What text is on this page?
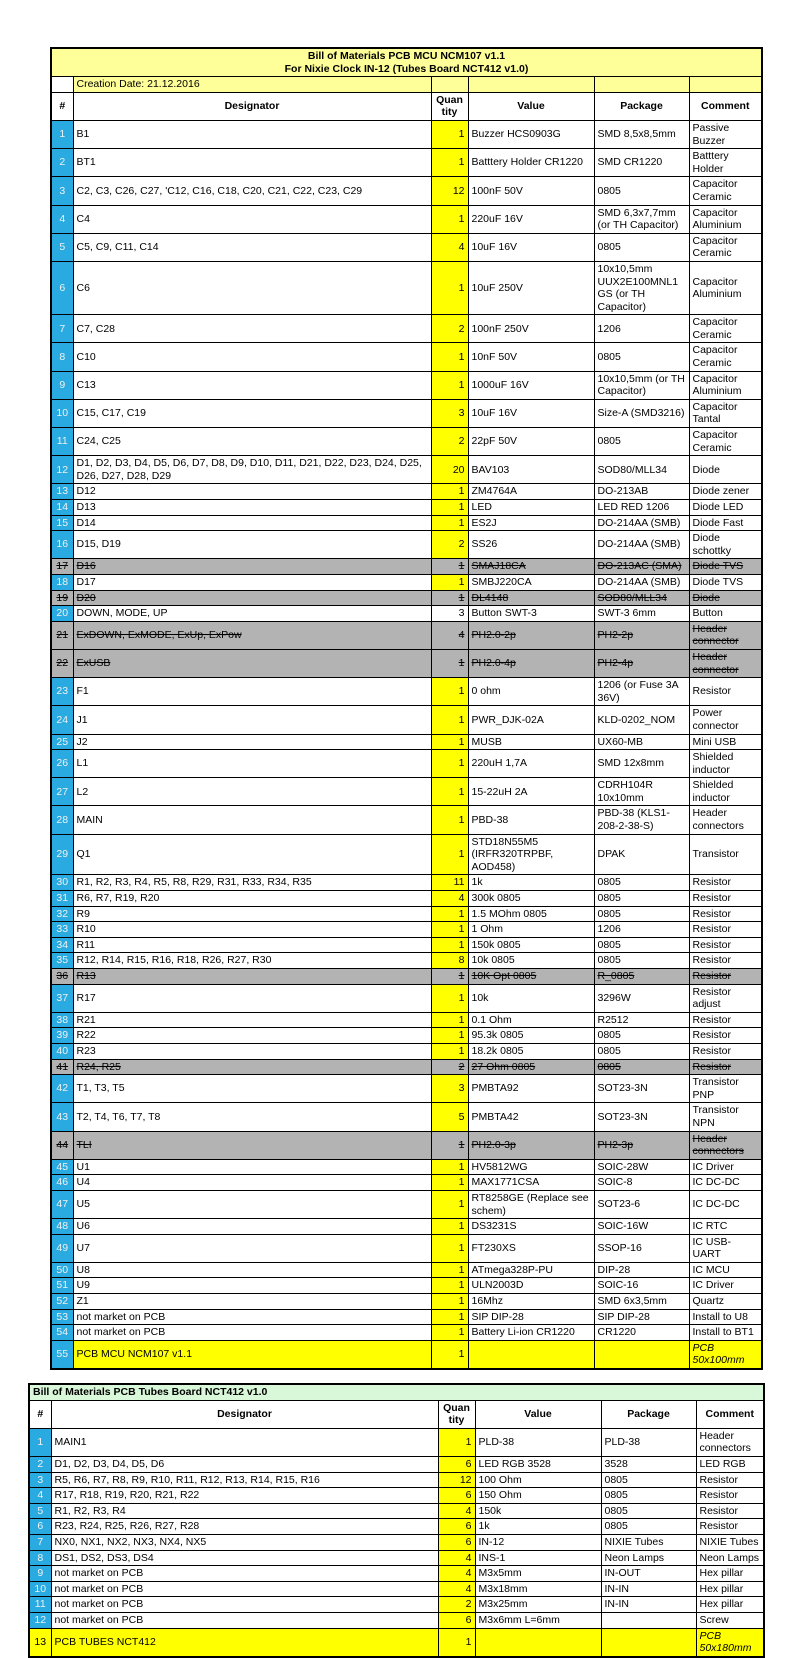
Bill of Materials PCB MCU NCM107 v1.1
For Nixie Clock IN-12 (Tubes Board NCT412 v1.0)					

	Creation Date: 21.12.2016				
#	Designator	Quantity	Value	Package	Comment
1	B1	1	Buzzer HCS0903G	SMD 8,5x8,5mm	Passive Buzzer
2	BT1	1	Batttery Holder CR1220	SMD CR1220	Batttery Holder
3	C2, C3, C26, C27, 'C12, C16, C18, C20, C21, C22, C23, C29	12	100nF 50V	0805	Capacitor Ceramic
4	C4	1	220uF 16V	SMD 6,3x7,7mm (or TH Capacitor)	Capacitor Aluminium
5	C5, C9, C11, C14	4	10uF 16V	0805	Capacitor Ceramic
6	C6	1	10uF 250V	10x10,5mm UUX2E100MNL1GS (or TH Capacitor)	Capacitor Aluminium
7	C7, C28	2	100nF 250V	1206	Capacitor Ceramic
8	C10	1	10nF 50V	0805	Capacitor Ceramic
9	C13	1	1000uF 16V	10x10,5mm (or TH Capacitor)	Capacitor Aluminium
10	C15, C17, C19	3	10uF 16V	Size-A (SMD3216)	Capacitor Tantal
11	C24, C25	2	22pF 50V	0805	Capacitor Ceramic
12	D1, D2, D3, D4, D5, D6, D7, D8, D9, D10, D11, D21, D22, D23, D24, D25, D26, D27, D28, D29	20	BAV103	SOD80/MLL34	Diode
13	D12	1	ZM4764A	DO-213AB	Diode zener
14	D13	1	LED	LED RED 1206	Diode LED
15	D14	1	ES2J	DO-214AA (SMB)	Diode Fast
16	D15, D19	2	SS26	DO-214AA (SMB)	Diode schottky
17	D16	1	SMAJ18CA	DO-213AC (SMA)	Diode TVS
18	D17	1	SMBJ220CA	DO-214AA (SMB)	Diode TVS
19	D20	1	DL4148	SOD80/MLL34	Diode
20	DOWN, MODE, UP	3	Button SWT-3	SWT-3 6mm	Button
21	ExDOWN, ExMODE, ExUp, ExPow	4	PH2.0-2p	PH2-2p	Header connector
22	ExUSB	1	PH2.0-4p	PH2-4p	Header connector
23	F1	1	0 ohm	1206 (or Fuse 3A 36V)	Resistor
24	J1	1	PWR_DJK-02A	KLD-0202_NOM	Power connector
25	J2	1	MUSB	UX60-MB	Mini USB
26	L1	1	220uH 1,7A	SMD 12x8mm	Shielded inductor
27	L2	1	15-22uH 2A	CDRH104R 10x10mm	Shielded inductor
28	MAIN	1	PBD-38	PBD-38 (KLS1-208-2-38-S)	Header connectors
29	Q1	1	STD18N55M5 (IRFR320TRPBF, AOD458)	DPAK	Transistor
30	R1, R2, R3, R4, R5, R8, R29, R31, R33, R34, R35	11	1k	0805	Resistor
31	R6, R7, R19, R20	4	300k 0805	0805	Resistor
32	R9	1	1.5 MOhm 0805	0805	Resistor
33	R10	1	1 Ohm	1206	Resistor
34	R11	1	150k 0805	0805	Resistor
35	R12, R14, R15, R16, R18, R26, R27, R30	8	10k 0805	0805	Resistor
36	R13	1	10K Opt 0805	R_0805	Resistor
37	R17	1	10k	3296W	Resistor adjust
38	R21	1	0.1 Ohm	R2512	Resistor
39	R22	1	95.3k 0805	0805	Resistor
40	R23	1	18.2k 0805	0805	Resistor
41	R24, R25	2	27 Ohm 0805	0805	Resistor
42	T1, T3, T5	3	PMBTA92	SOT23-3N	Transistor PNP
43	T2, T4, T6, T7, T8	5	PMBTA42	SOT23-3N	Transistor NPN
44	TLI	1	PH2.0-3p	PH2-3p	Header connectors
45	U1	1	HV5812WG	SOIC-28W	IC Driver
46	U4	1	MAX1771CSA	SOIC-8	IC DC-DC
47	U5	1	RT8258GE (Replace see schem)	SOT23-6	IC DC-DC
48	U6	1	DS3231S	SOIC-16W	IC RTC
49	U7	1	FT230XS	SSOP-16	IC USB-UART
50	U8	1	ATmega328P-PU	DIP-28	IC MCU
51	U9	1	ULN2003D	SOIC-16	IC Driver
52	Z1	1	16Mhz	SMD 6x3,5mm	Quartz
53	not market on PCB	1	SIP DIP-28	SIP DIP-28	Install to U8
54	not market on PCB	1	Battery Li-ion CR1220	CR1220	Install to BT1
55	PCB MCU NCM107 v1.1	1			PCB 50x100mm
Bill of Materials PCB Tubes Board NCT412 v1.0					
#	Designator	Quantity	Value	Package	Comment
1	MAIN1	1	PLD-38	PLD-38	Header connectors
2	D1, D2, D3, D4, D5, D6	6	LED RGB 3528	3528	LED RGB
3	R5, R6, R7, R8, R9, R10, R11, R12, R13, R14, R15, R16	12	100 Ohm	0805	Resistor
4	R17, R18, R19, R20, R21, R22	6	150 Ohm	0805	Resistor
5	R1, R2, R3, R4	4	150k	0805	Resistor
6	R23, R24, R25, R26, R27, R28	6	1k	0805	Resistor
7	NX0, NX1, NX2, NX3, NX4, NX5	6	IN-12	NIXIE Tubes	NIXIE Tubes
8	DS1, DS2, DS3, DS4	4	INS-1	Neon Lamps	Neon Lamps
9	not market on PCB	4	M3x5mm	IN-OUT	Hex pillar
10	not market on PCB	4	M3x18mm	IN-IN	Hex pillar
11	not market on PCB	2	M3x25mm	IN-IN	Hex pillar
12	not market on PCB	6	M3x6mm L=6mm		Screw
13	PCB TUBES NCT412	1			PCB 50x180mm
